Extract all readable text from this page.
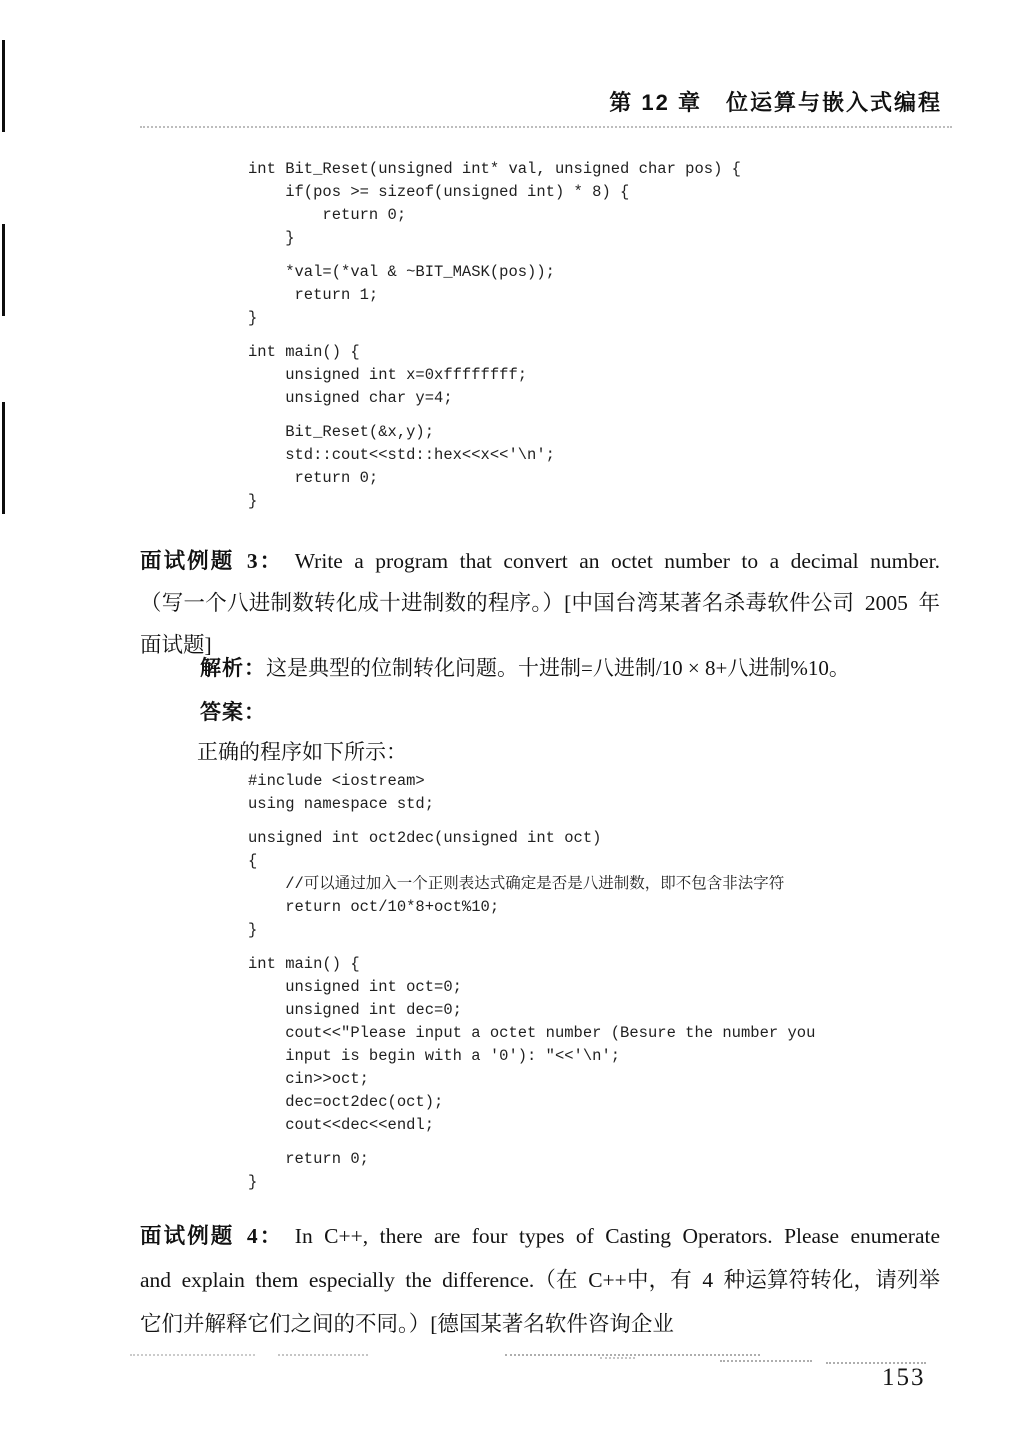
第 12 章　位运算与嵌入式编程
int Bit_Reset(unsigned int* val, unsigned char pos) {
if(pos >= sizeof(unsigned int) * 8) {
return 0;
}
*val=(*val & ~BIT_MASK(pos));
return 1;
}
int main() {
unsigned int x=0xffffffff;
unsigned char y=4;
Bit_Reset(&x,y);
std::cout<<std::hex<<x<<'\n';
return 0;
}

面试例题 3： Write a program that convert an octet number to a decimal number.（写一个八进制数转化成十进制数的程序。）[中国台湾某著名杀毒软件公司 2005 年面试题]

解析：这是典型的位制转化问题。十进制=八进制/10 × 8+八进制%10。
答案：
正确的程序如下所示：
#include <iostream>
using namespace std;
unsigned int oct2dec(unsigned int oct)
{
//可以通过加入一个正则表达式确定是否是八进制数，即不包含非法字符
return oct/10*8+oct%10;
}
int main() {
unsigned int oct=0;
unsigned int dec=0;
cout<<"Please input a octet number (Besure the number you
input is begin with a '0'): "<<'\n';
cin>>oct;
dec=oct2dec(oct);
cout<<dec<<endl;
return 0;
}

面试例题 4： In C++, there are four types of Casting Operators. Please enumerate and explain them especially the difference.（在 C++中，有 4 种运算符转化，请列举它们并解释它们之间的不同。）[德国某著名软件咨询企业

153
